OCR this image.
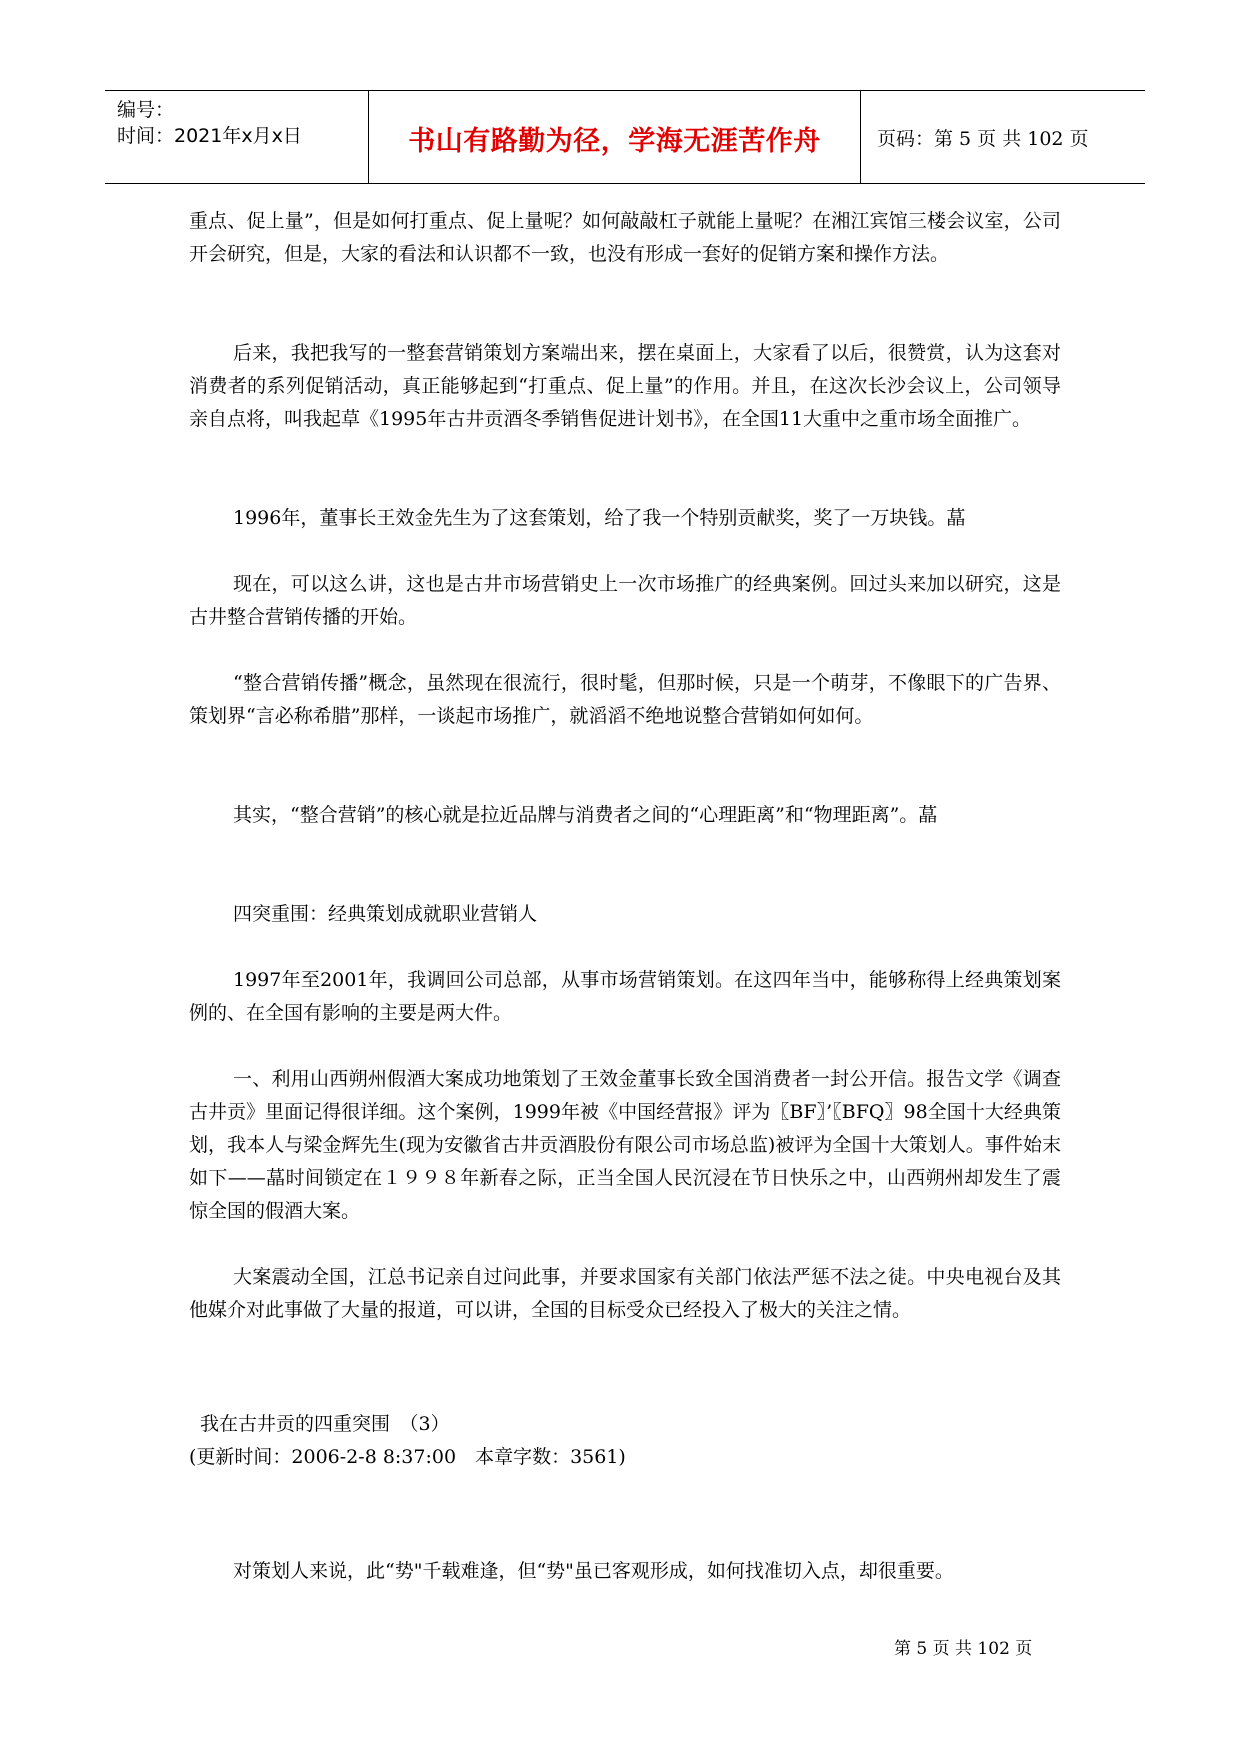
编号：
时间：2021年x月x日	书山有路勤为径，学海无涯苦作舟	页码：第 5 页 共 102 页
重点、促上量”，但是如何打重点、促上量呢？如何敲敲杠子就能上量呢？在湘江宾馆三楼会议室，公司开会研究，但是，大家的看法和认识都不一致，也没有形成一套好的促销方案和操作方法。
后来，我把我写的一整套营销策划方案端出来，摆在桌面上，大家看了以后，很赞赏，认为这套对消费者的系列促销活动，真正能够起到“打重点、促上量”的作用。并且，在这次长沙会议上，公司领导亲自点将，叫我起草《1995年古井贡酒冬季销售促进计划书》，在全国11大重中之重市场全面推广。
1996年，董事长王效金先生为了这套策划，给了我一个特别贡献奖，奖了一万块钱。蕌
现在，可以这么讲，这也是古井市场营销史上一次市场推广的经典案例。回过头来加以研究，这是古井整合营销传播的开始。
“整合营销传播”概念，虽然现在很流行，很时髦，但那时候，只是一个萌芽，不像眼下的广告界、策划界“言必称希腊”那样，一谈起市场推广，就滔滔不绝地说整合营销如何如何。
其实，“整合营销”的核心就是拉近品牌与消费者之间的“心理距离”和“物理距离”。蕌
四突重围：经典策划成就职业营销人
1997年至2001年，我调回公司总部，从事市场营销策划。在这四年当中，能够称得上经典策划案例的、在全国有影响的主要是两大件。
一、利用山西朔州假酒大案成功地策划了王效金董事长致全国消费者一封公开信。报告文学《调查古井贡》里面记得很详细。这个案例，1999年被《中国经营报》评为〖BF〗’〖BFQ〗98全国十大经典策划，我本人与梁金辉先生(现为安徽省古井贡酒股份有限公司市场总监)被评为全国十大策划人。事件始末如下——蕌时间锁定在１９９８年新春之际，正当全国人民沉浸在节日快乐之中，山西朔州却发生了震惊全国的假酒大案。
大案震动全国，江总书记亲自过问此事，并要求国家有关部门依法严惩不法之徒。中央电视台及其他媒介对此事做了大量的报道，可以讲，全国的目标受众已经投入了极大的关注之情。
我在古井贡的四重突围　（3）
(更新时间：2006-2-8 8:37:00　本章字数：3561)
对策划人来说，此“势"千载难逢，但“势"虽已客观形成，如何找准切入点，却很重要。
第 5 页 共 102 页
